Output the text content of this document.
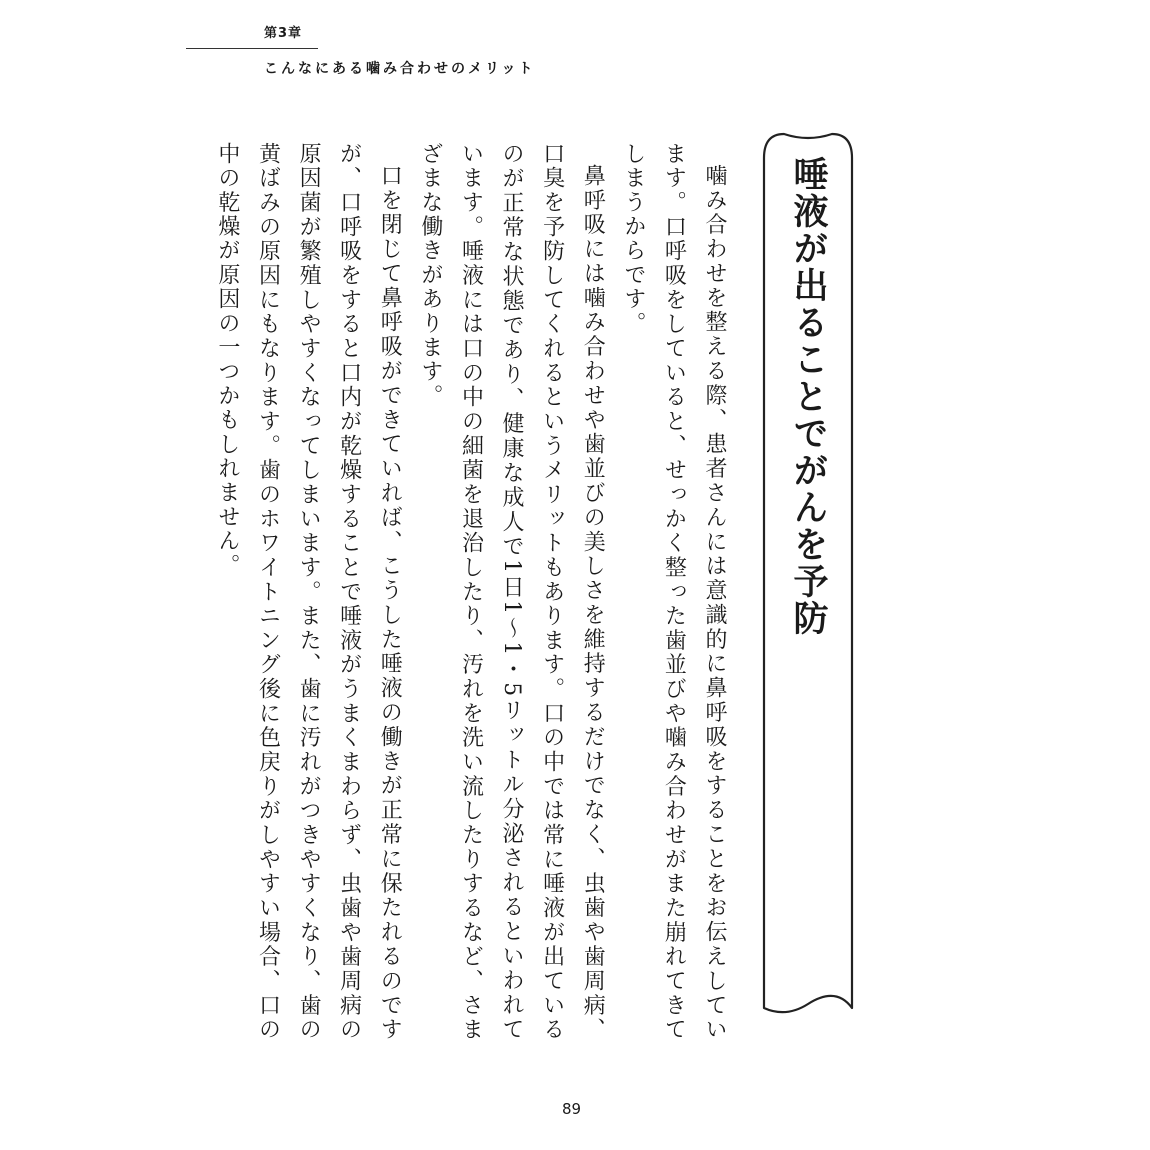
第3章
こんなにある噛み合わせのメリット
唾液が出ることでがんを予防

噛み合わせを整える際、患者さんには意識的に鼻呼吸をすることをお伝えしています。口呼吸をしていると、せっかく整った歯並びや噛み合わせがまた崩れてきてしまうからです。

鼻呼吸には噛み合わせや歯並びの美しさを維持するだけでなく、虫歯や歯周病、口臭を予防してくれるというメリットもあります。口の中では常に唾液が出ているのが正常な状態であり、健康な成人で1日1～1・5リットル分泌されるといわれています。唾液には口の中の細菌を退治したり、汚れを洗い流したりするなど、さまざまな働きがあります。

口を閉じて鼻呼吸ができていれば、こうした唾液の働きが正常に保たれるのですが、口呼吸をすると口内が乾燥することで唾液がうまくまわらず、虫歯や歯周病の原因菌が繁殖しやすくなってしまいます。また、歯に汚れがつきやすくなり、歯の黄ばみの原因にもなります。歯のホワイトニング後に色戻りがしやすい場合、口の中の乾燥が原因の一つかもしれません。

89
